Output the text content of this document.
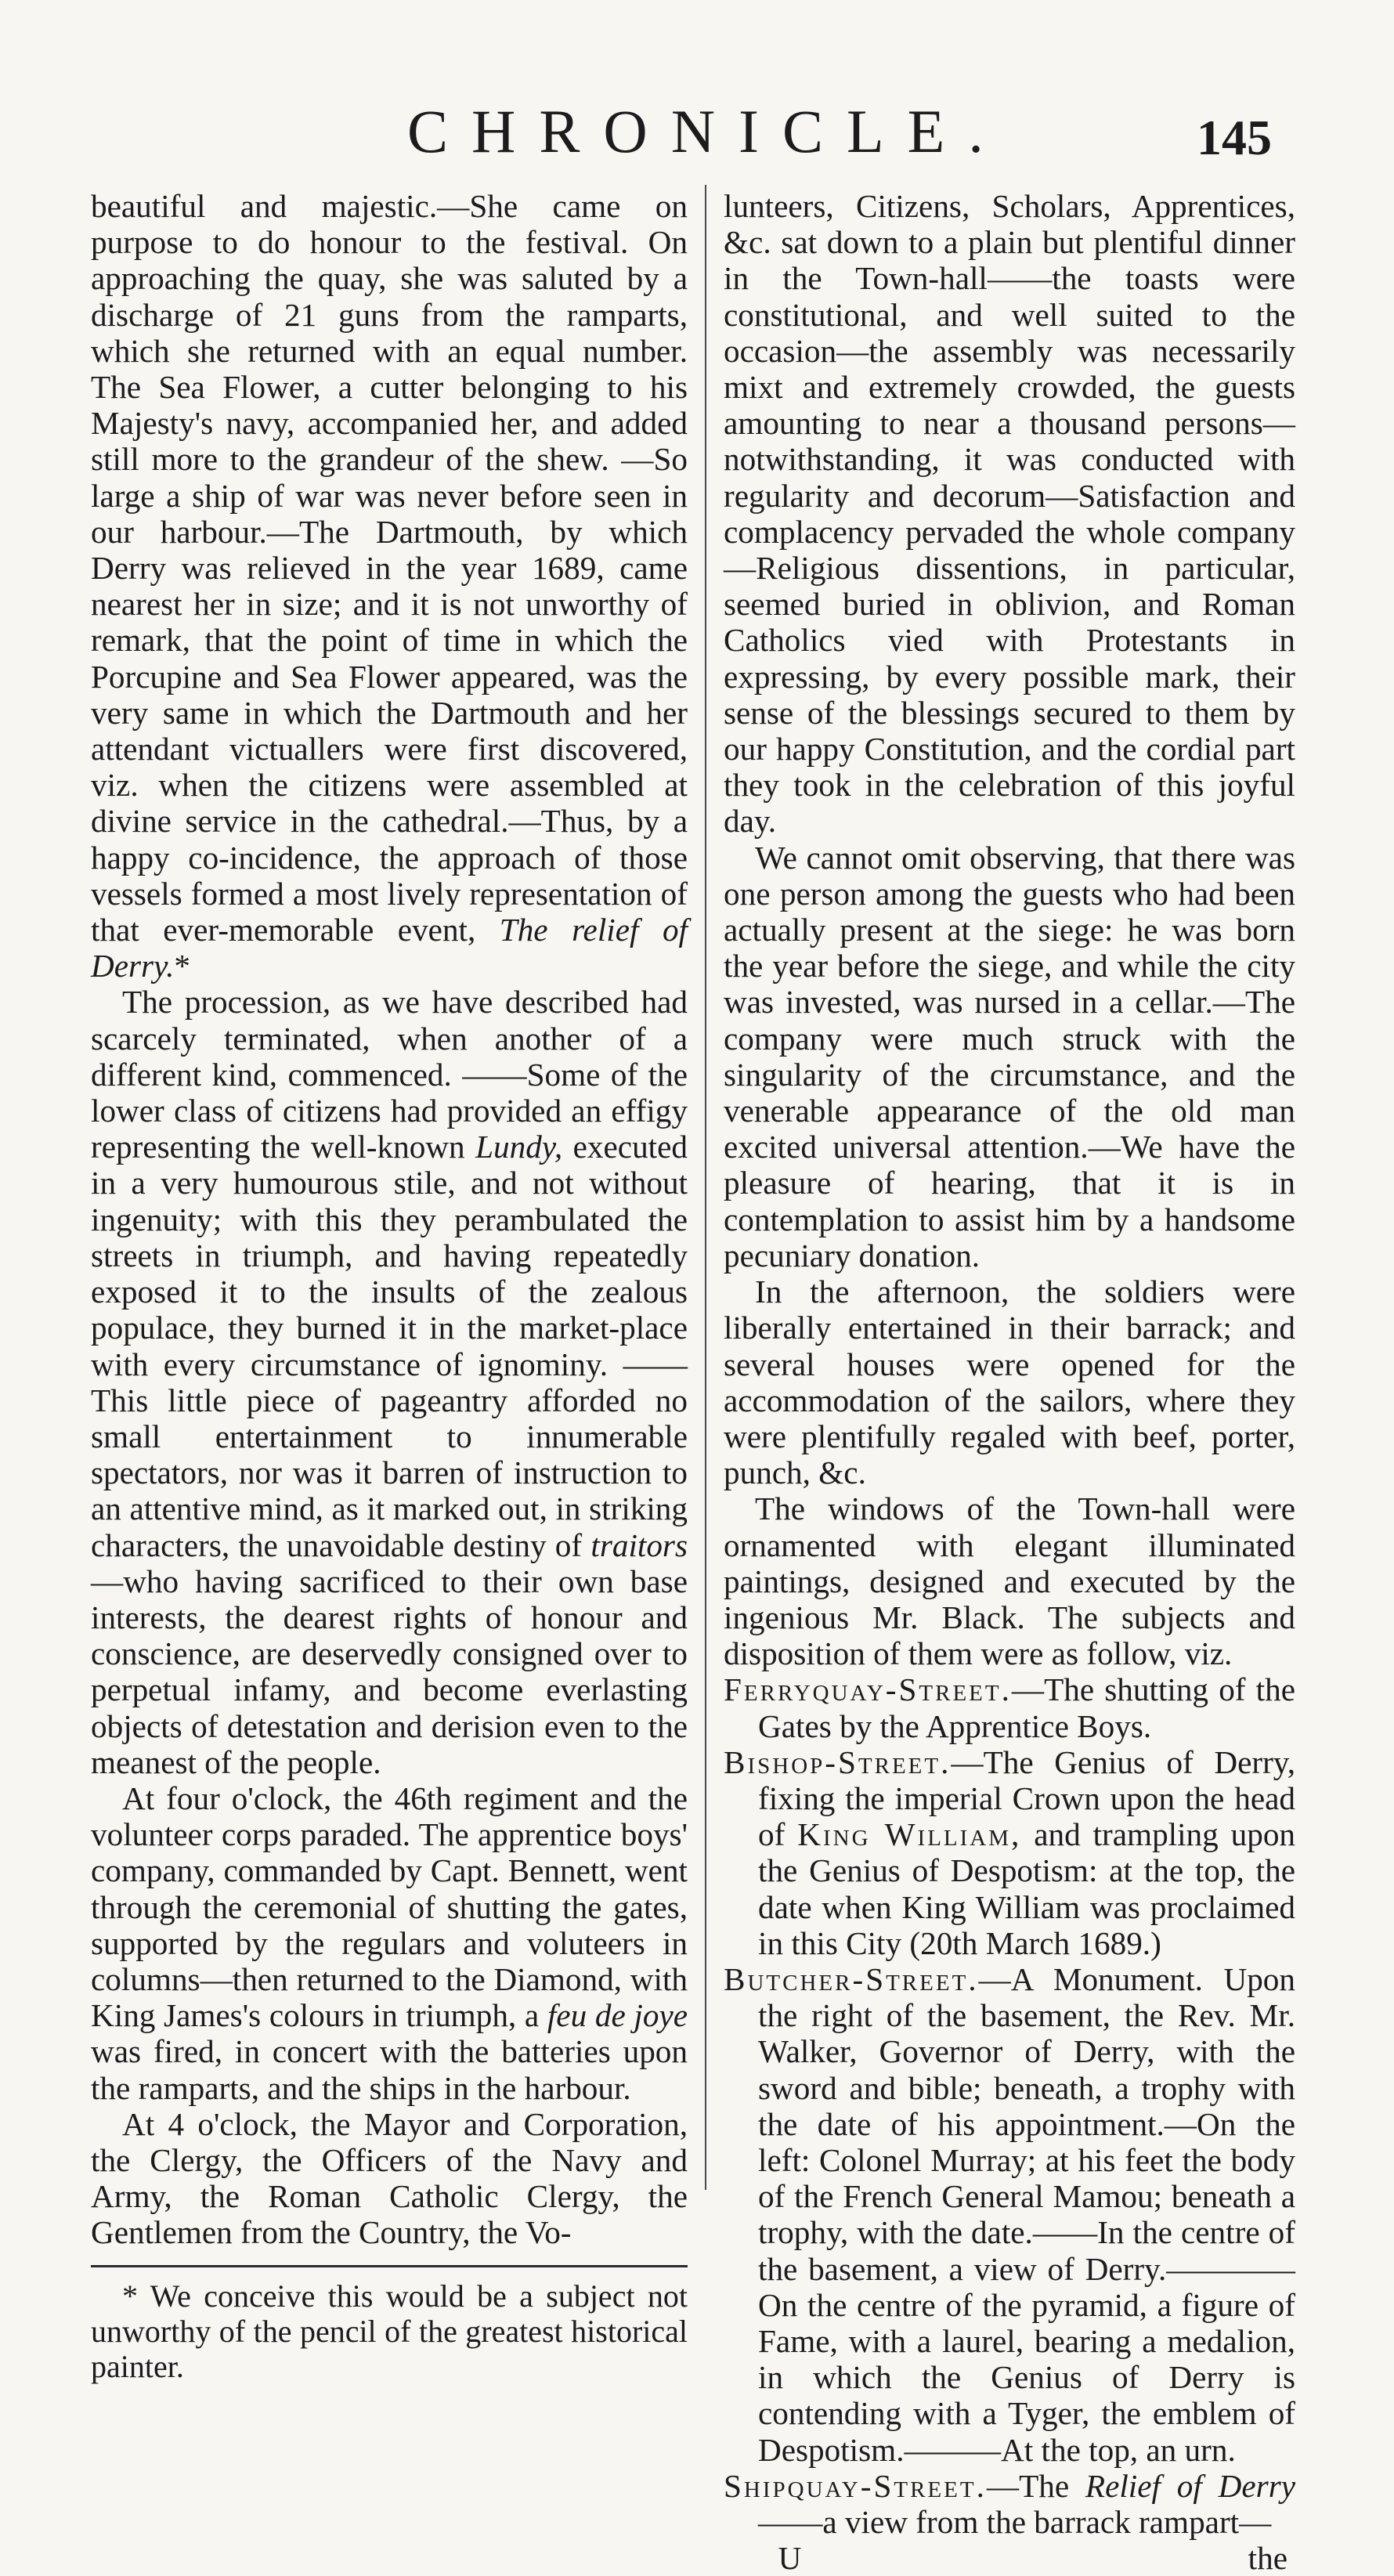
CHRONICLE.	145

beautiful and majestic.—She came on purpose to do honour to the festival. On approaching the quay, she was saluted by a discharge of 21 guns from the ramparts, which she returned with an equal number. The Sea Flower, a cutter belonging to his Majesty's navy, accompanied her, and added still more to the grandeur of the shew. —So large a ship of war was never before seen in our harbour.—The Dartmouth, by which Derry was relieved in the year 1689, came nearest her in size; and it is not unworthy of remark, that the point of time in which the Porcupine and Sea Flower appeared, was the very same in which the Dartmouth and her attendant victuallers were first discovered, viz. when the citizens were assembled at divine service in the cathedral.—Thus, by a happy co-incidence, the approach of those vessels formed a most lively representation of that ever-memorable event, The relief of Derry.*

The procession, as we have described had scarcely terminated, when another of a different kind, commenced. ——Some of the lower class of citizens had provided an effigy representing the well-known Lundy, executed in a very humourous stile, and not without ingenuity; with this they perambulated the streets in triumph, and having repeatedly exposed it to the insults of the zealous populace, they burned it in the market-place with every circumstance of ignominy. ——This little piece of pageantry afforded no small entertainment to innumerable spectators, nor was it barren of instruction to an attentive mind, as it marked out, in striking characters, the unavoidable destiny of traitors—who having sacrificed to their own base interests, the dearest rights of honour and conscience, are deservedly consigned over to perpetual infamy, and become everlasting objects of detestation and derision even to the meanest of the people.

At four o'clock, the 46th regiment and the volunteer corps paraded. The apprentice boys' company, commanded by Capt. Bennett, went through the ceremonial of shutting the gates, supported by the regulars and voluteers in columns—then returned to the Diamond, with King James's colours in triumph, a feu de joye was fired, in concert with the batteries upon the ramparts, and the ships in the harbour.

At 4 o'clock, the Mayor and Corporation, the Clergy, the Officers of the Navy and Army, the Roman Catholic Clergy, the Gentlemen from the Country, the Vo-

* We conceive this would be a subject not unworthy of the pencil of the greatest historical painter.

lunteers, Citizens, Scholars, Apprentices, &c. sat down to a plain but plentiful dinner in the Town-hall——the toasts were constitutional, and well suited to the occasion—the assembly was necessarily mixt and extremely crowded, the guests amounting to near a thousand persons—notwithstanding, it was conducted with regularity and decorum—Satisfaction and complacency pervaded the whole company—Religious dissentions, in particular, seemed buried in oblivion, and Roman Catholics vied with Protestants in expressing, by every possible mark, their sense of the blessings secured to them by our happy Constitution, and the cordial part they took in the celebration of this joyful day.

We cannot omit observing, that there was one person among the guests who had been actually present at the siege: he was born the year before the siege, and while the city was invested, was nursed in a cellar.—The company were much struck with the singularity of the circumstance, and the venerable appearance of the old man excited universal attention.—We have the pleasure of hearing, that it is in contemplation to assist him by a handsome pecuniary donation.

In the afternoon, the soldiers were liberally entertained in their barrack; and several houses were opened for the accommodation of the sailors, where they were plentifully regaled with beef, porter, punch, &c.

The windows of the Town-hall were ornamented with elegant illuminated paintings, designed and executed by the ingenious Mr. Black. The subjects and disposition of them were as follow, viz.

Ferryquay-Street.—The shutting of the Gates by the Apprentice Boys.

Bishop-Street.—The Genius of Derry, fixing the imperial Crown upon the head of King William, and trampling upon the Genius of Despotism: at the top, the date when King William was proclaimed in this City (20th March 1689.)

Butcher-Street.—A Monument. Upon the right of the basement, the Rev. Mr. Walker, Governor of Derry, with the sword and bible; beneath, a trophy with the date of his appointment.—On the left: Colonel Murray; at his feet the body of the French General Mamou; beneath a trophy, with the date.——In the centre of the basement, a view of Derry.————On the centre of the pyramid, a figure of Fame, with a laurel, bearing a medalion, in which the Genius of Derry is contending with a Tyger, the emblem of Despotism.———At the top, an urn.

Shipquay-Street.—The Relief of Derry——a view from the barrack rampart—

U	the
